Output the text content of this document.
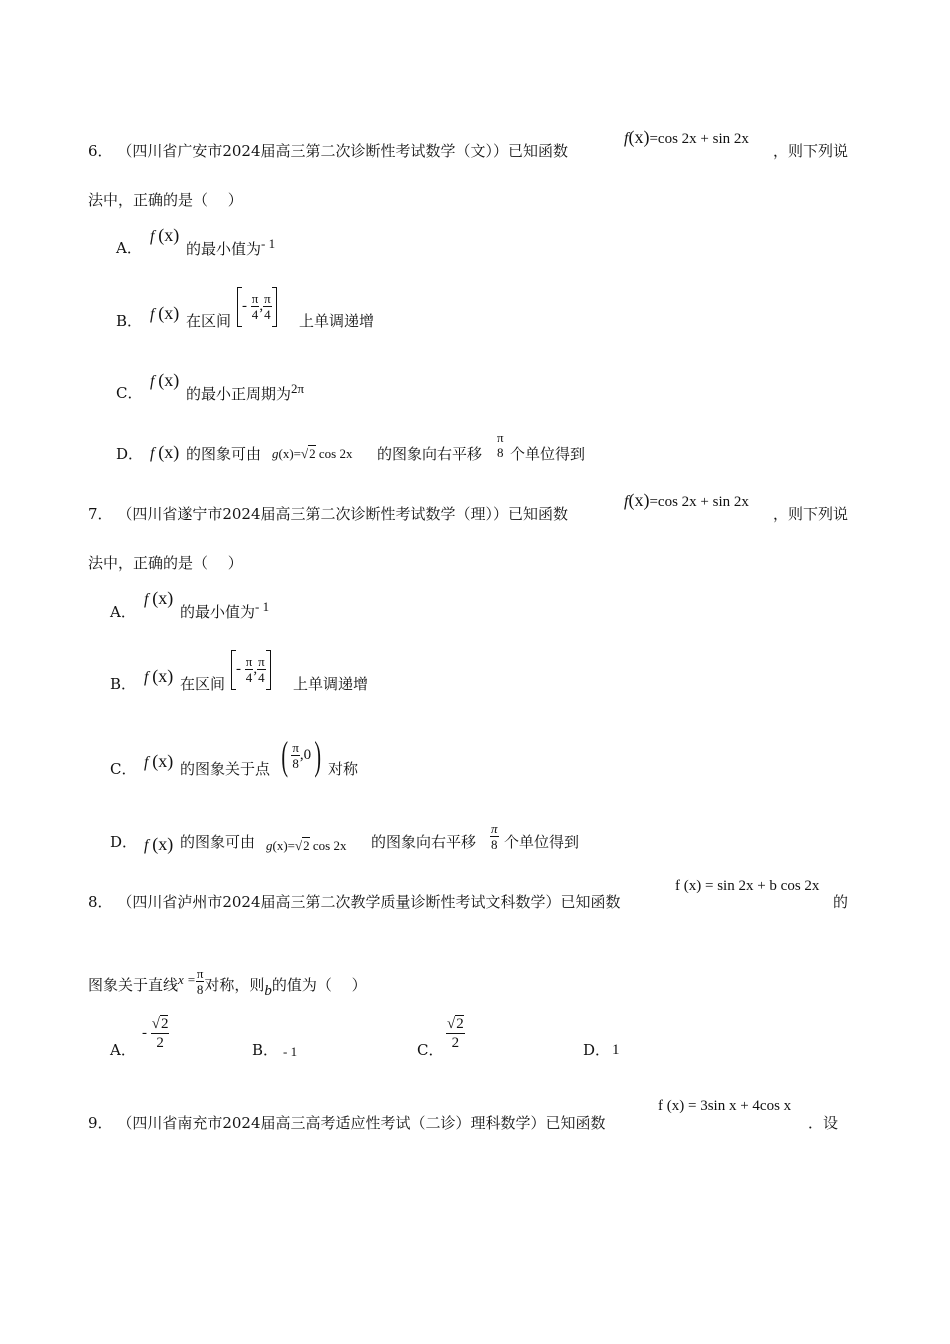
6． （四川省广安市2024届高三第二次诊断性考试数学（文））已知函数
f(x)=cos 2x + sin 2x
，则下列说
法中，正确的是（　 ）
A．
f (x)
的最小值为- 1
B． f (x) 在区间
- $\frac{\pi}{4}$ , $\frac{\pi}{4}$ 上单调递增
C．
f (x)
的最小正周期为2π
D． f (x) 的图象可由 g(x)=√2 cos 2x 的图象向右平移
π
8 个单位得到
7． （四川省遂宁市2024届高三第二次诊断性考试数学（理））已知函数
f(x)=cos 2x + sin 2x
，则下列说
法中，正确的是（　 ）
A．
f (x)
的最小值为- 1
B． f (x) 在区间
- $\frac{\pi}{4}$ , $\frac{\pi}{4}$ 上单调递增
C． f (x) 的图象关于点 ( $\frac{\pi}{8} ,0$) 对称
D． f (x) 的图象可由 g(x)=√2 cos 2x 的图象向右平移 $\frac{\pi}{8}$ 个单位得到
8． （四川省泸州市2024届高三第二次教学质量诊断性考试文科数学）已知函数
f (x) = sin 2x + b cos 2x
的
图象关于直线$x = \frac{\pi}{8}$ 对称，则b的值为（　 ）
A．
- $\frac{√2}{2}$	B． - 1	C． $\frac{√2}{2}$	D． 1
9． （四川省南充市2024届高三高考适应性考试（二诊）理科数学）已知函数
f (x) = 3sin x + 4cos x
．设
